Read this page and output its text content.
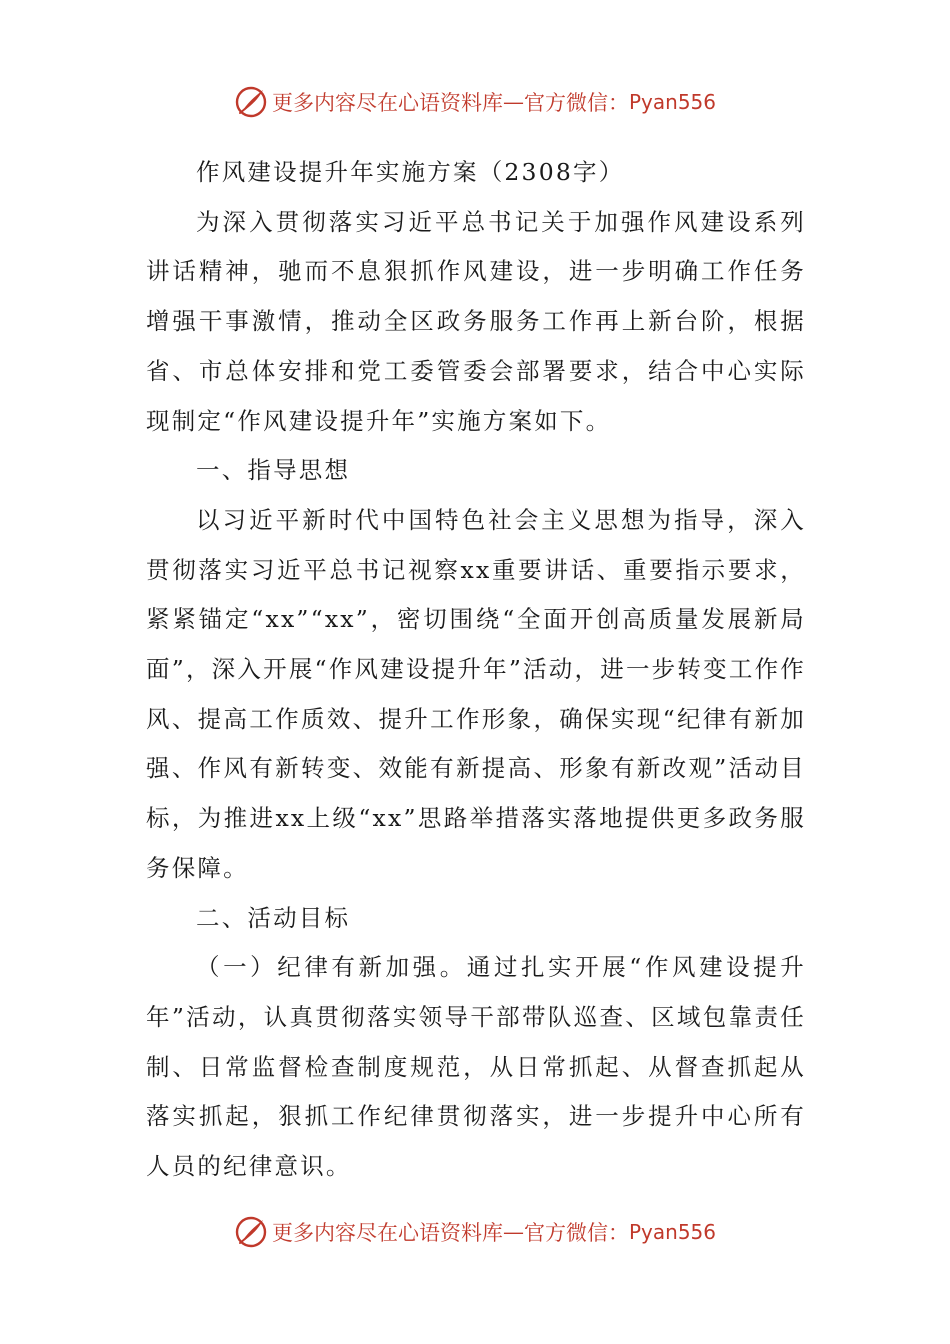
更多内容尽在心语资料库 — 官方微信： Pyan556

作风建设提升年实施方案（2308字）

为深入贯彻落实习近平总书记关于加强作风建设系列讲话精神，驰而不息狠抓作风建设，进一步明确工作任务增强干事激情，推动全区政务服务工作再上新台阶，根据省、市总体安排和党工委管委会部署要求，结合中心实际现制定“作风建设提升年”实施方案如下。

一、指导思想

以习近平新时代中国特色社会主义思想为指导，深入贯彻落实习近平总书记视察xx重要讲话、重要指示要求，紧紧锚定“xx”“xx”，密切围绕“全面开创高质量发展新局面”，深入开展“作风建设提升年”活动，进一步转变工作作风、提高工作质效、提升工作形象，确保实现“纪律有新加强、作风有新转变、效能有新提高、形象有新改观”活动目标，为推进xx上级“xx”思路举措落实落地提供更多政务服务保障。

二、活动目标

（一）纪律有新加强。通过扎实开展“作风建设提升年”活动，认真贯彻落实领导干部带队巡查、区域包靠责任制、日常监督检查制度规范，从日常抓起、从督查抓起从落实抓起，狠抓工作纪律贯彻落实，进一步提升中心所有人员的纪律意识。

更多内容尽在心语资料库 — 官方微信： Pyan556
